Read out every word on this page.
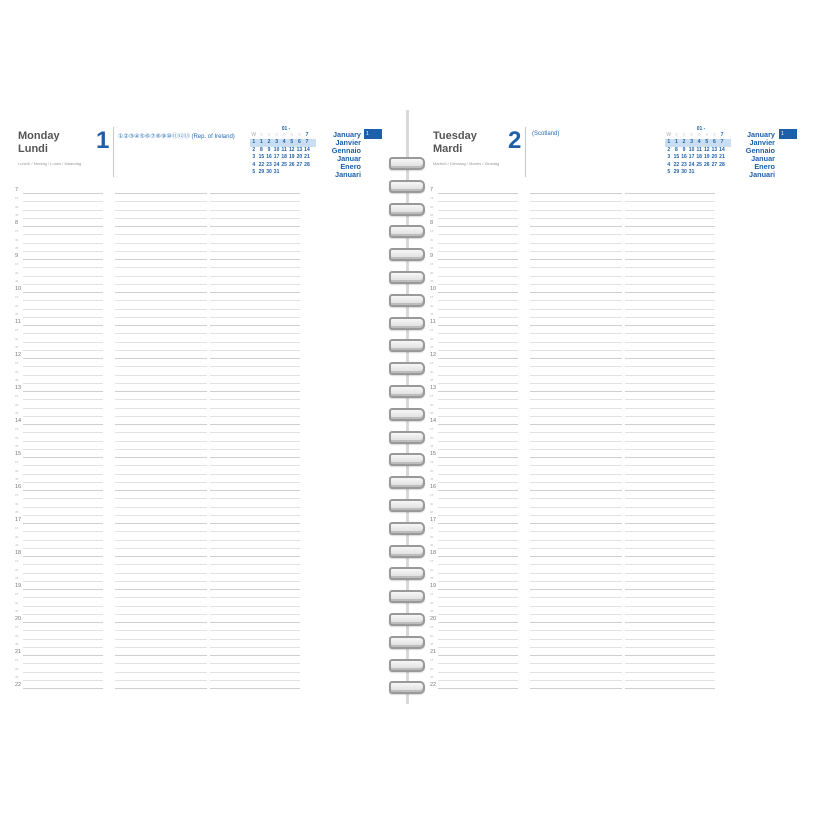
Monday
Lundi
Lunedì / Montag / Lunes / Maandag
1 ①②③④⑤⑥⑦⑧⑨⑩⑪⑫⑬ (Rep. of Ireland)
01 -
W ○ ○ ○ ○ ○ ○ 7
1 1 2 3 4 5 6 7
2 8 9 10 11 12 13 14
3 15 16 17 18 19 20 21
4 22 23 24 25 26 27 28
5 29 30 31
January
Janvier
Gennaio
Januar
Enero
Januari
1
7
15
30
45
8
15
30
45
9
15
30
45
10
15
30
45
11
15
30
45
12
15
30
45
13
15
30
45
14
15
30
45
15
15
30
45
16
15
30
45
17
15
30
45
18
15
30
45
19
15
30
45
20
15
30
45
21
15
30
45
22
Tuesday
Mardi
Martedì / Dienstag / Martes / Dinsdag
2 (Scotland)
01 -
W ○ ○ ○ ○ ○ ○ 7
1 1 2 3 4 5 6 7
2 8 9 10 11 12 13 14
3 15 16 17 18 19 20 21
4 22 23 24 25 26 27 28
5 29 30 31
January
Janvier
Gennaio
Januar
Enero
Januari
1
7
15
30
45
8
15
30
45
9
15
30
45
10
15
30
45
11
15
30
45
12
15
30
45
13
15
30
45
14
15
30
45
15
15
30
45
16
15
30
45
17
15
30
45
18
15
30
45
19
15
30
45
20
15
30
45
21
15
30
45
22
